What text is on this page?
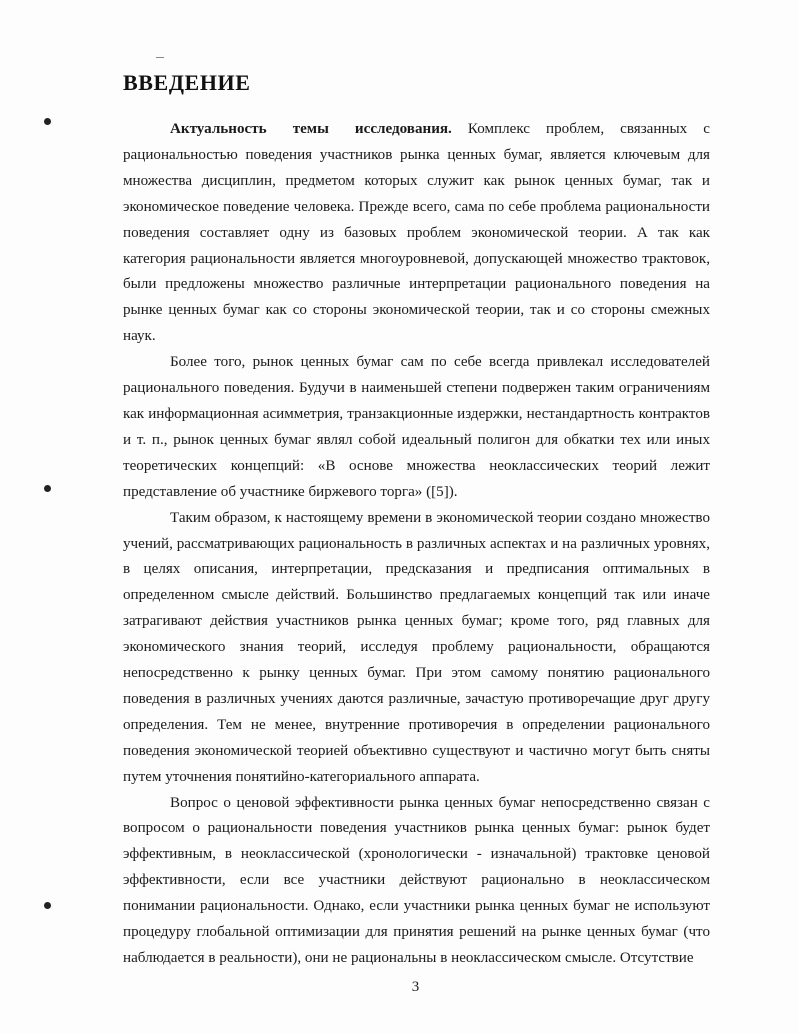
ВВЕДЕНИЕ

Актуальность темы исследования. Комплекс проблем, связанных с рациональностью поведения участников рынка ценных бумаг, является ключевым для множества дисциплин, предметом которых служит как рынок ценных бумаг, так и экономическое поведение человека. Прежде всего, сама по себе проблема рациональности поведения составляет одну из базовых проблем экономической теории. А так как категория рациональности является многоуровневой, допускающей множество трактовок, были предложены множество различные интерпретации рационального поведения на рынке ценных бумаг как со стороны экономической теории, так и со стороны смежных наук.

Более того, рынок ценных бумаг сам по себе всегда привлекал исследователей рационального поведения. Будучи в наименьшей степени подвержен таким ограничениям как информационная асимметрия, транзакционные издержки, нестандартность контрактов и т. п., рынок ценных бумаг являл собой идеальный полигон для обкатки тех или иных теоретических концепций: «В основе множества неоклассических теорий лежит представление об участнике биржевого торга» ([5]).

Таким образом, к настоящему времени в экономической теории создано множество учений, рассматривающих рациональность в различных аспектах и на различных уровнях, в целях описания, интерпретации, предсказания и предписания оптимальных в определенном смысле действий. Большинство предлагаемых концепций так или иначе затрагивают действия участников рынка ценных бумаг; кроме того, ряд главных для экономического знания теорий, исследуя проблему рациональности, обращаются непосредственно к рынку ценных бумаг. При этом самому понятию рационального поведения в различных учениях даются различные, зачастую противоречащие друг другу определения. Тем не менее, внутренние противоречия в определении рационального поведения экономической теорией объективно существуют и частично могут быть сняты путем уточнения понятийно-категориального аппарата.

Вопрос о ценовой эффективности рынка ценных бумаг непосредственно связан с вопросом о рациональности поведения участников рынка ценных бумаг: рынок будет эффективным, в неоклассической (хронологически - изначальной) трактовке ценовой эффективности, если все участники действуют рационально в неоклассическом понимании рациональности. Однако, если участники рынка ценных бумаг не используют процедуру глобальной оптимизации для принятия решений на рынке ценных бумаг (что наблюдается в реальности), они не рациональны в неоклассическом смысле. Отсутствие

3
